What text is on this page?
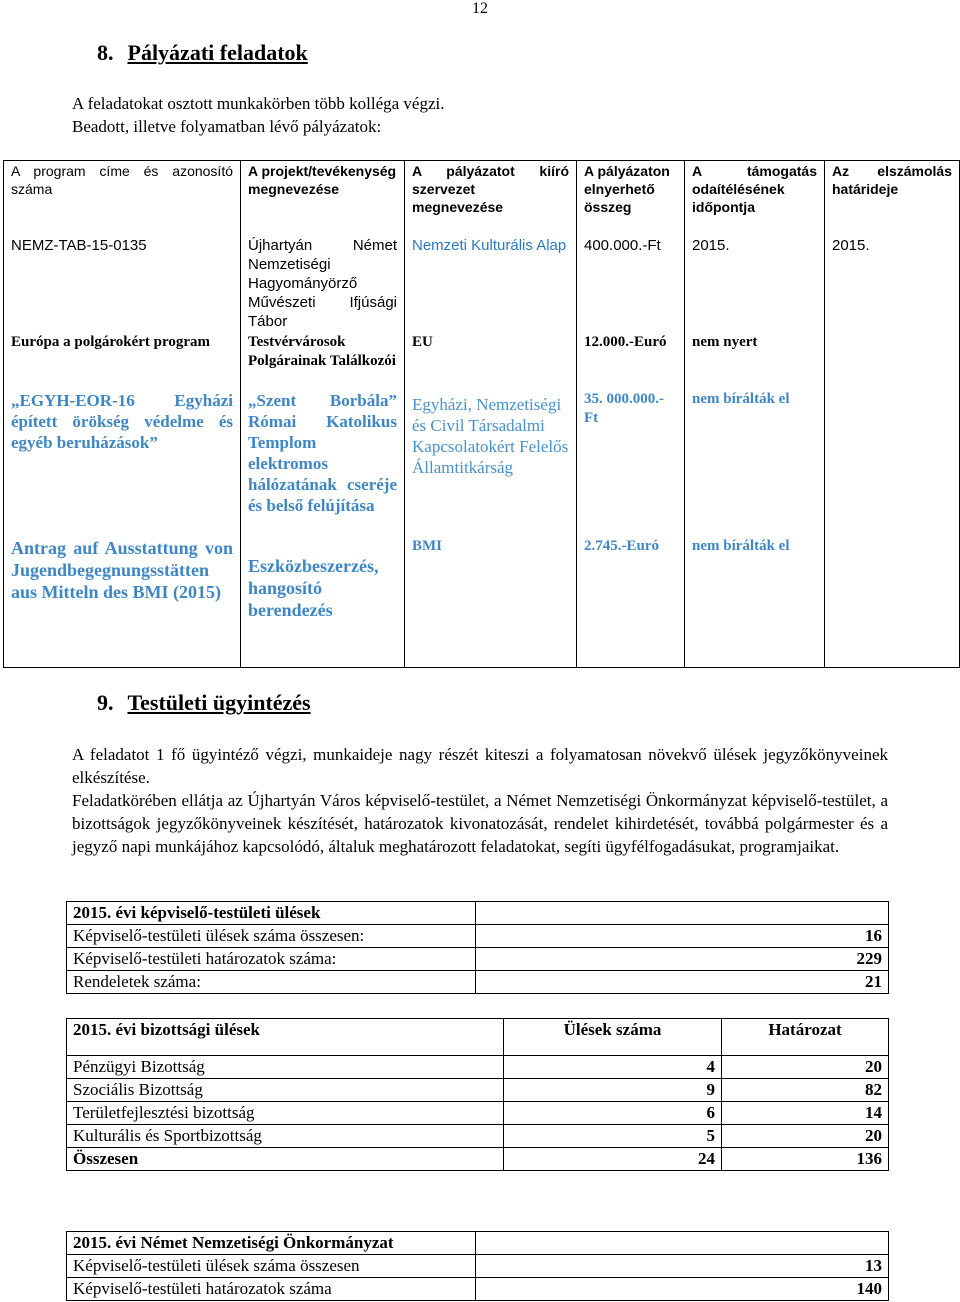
12
8. Pályázati feladatok
A feladatokat osztott munkakörben több kolléga végzi.
Beadott, illetve folyamatban lévő pályázatok:
A program címe és azonosító száma	A projekt/tevékenység megnevezése	A pályázatot kiíró szervezet megnevezése	A pályázaton elnyerhető összeg	A támogatás odaítélésének időpontja	Az elszámolás határideje
NEMZ-TAB-15-0135	Újhartyán Német Nemzetiségi Hagyományörző Művészeti Ifjúsági Tábor	Nemzeti Kulturális Alap	400.000.-Ft	2015.	2015.
Európa a polgárokért program	Testvérvárosok Polgárainak Találkozói	EU	12.000.-Euró	nem nyert	
„EGYH-EOR-16 Egyházi épített örökség védelme és egyéb beruházások”	„Szent Borbála” Római Katolikus Templom elektromos hálózatának cseréje és belső felújítása	Egyházi, Nemzetiségi és Civil Társadalmi Kapcsolatokért Felelős Államtitkárság	35. 000.000.- Ft	nem bírálták el	
Antrag auf Ausstattung von Jugendbegegnungsstätten aus Mitteln des BMI (2015)	Eszközbeszerzés, hangosító berendezés	BMI	2.745.-Euró	nem bírálták el	

9. Testületi ügyintézés
A feladatot 1 fő ügyintéző végzi, munkaideje nagy részét kiteszi a folyamatosan növekvő ülések jegyzőkönyveinek elkészítése.
Feladatkörében ellátja az Újhartyán Város képviselő-testület, a Német Nemzetiségi Önkormányzat képviselő-testület, a bizottságok jegyzőkönyveinek készítését, határozatok kivonatozását, rendelet kihirdetését, továbbá polgármester és a jegyző napi munkájához kapcsolódó, általuk meghatározott feladatokat, segíti ügyfélfogadásukat, programjaikat.
2015. évi képviselő-testületi ülések	
Képviselő-testületi ülések száma összesen:	16
Képviselő-testületi határozatok száma:	229
Rendeletek száma:	21
2015. évi bizottsági ülések	Ülések száma	Határozat
Pénzügyi Bizottság	4	20
Szociális Bizottság	9	82
Területfejlesztési bizottság	6	14
Kulturális és Sportbizottság	5	20
Összesen	24	136
2015. évi Német Nemzetiségi Önkormányzat	
Képviselő-testületi ülések száma összesen	13
Képviselő-testületi határozatok száma	140
